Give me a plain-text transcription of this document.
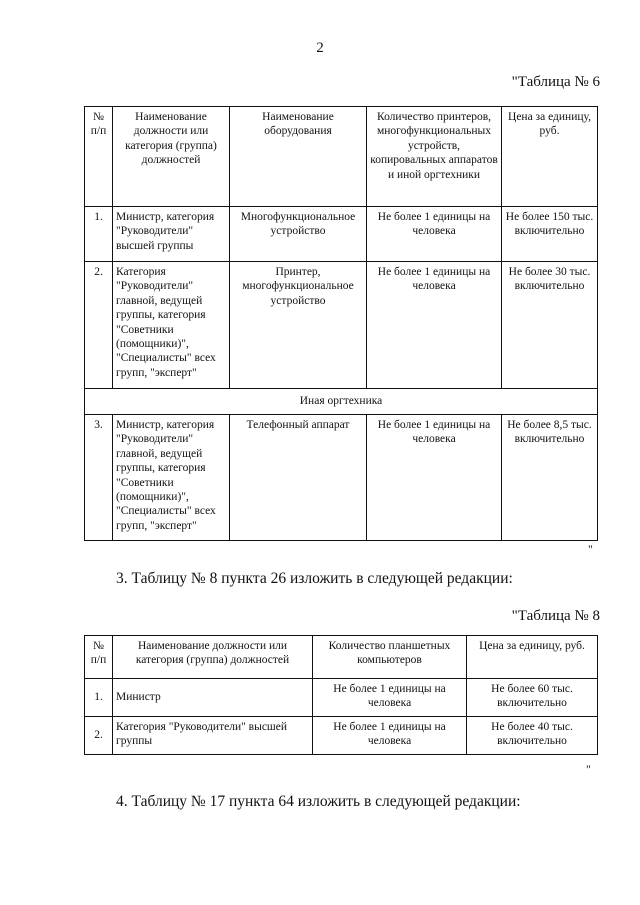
2
"Таблица № 6
№
п/п	Наименование должности или категория (группа) должностей	Наименование оборудования	Количество принтеров, многофункциональных устройств, копировальных аппаратов и иной оргтехники	Цена за единицу, руб.
1.	Министр, категория "Руководители" высшей группы	Многофункциональное устройство	Не более 1 единицы на человека	Не более 150 тыс. включительно
2.	Категория "Руководители" главной, ведущей группы, категория "Советники (помощники)", "Специалисты" всех групп, "эксперт"	Принтер, многофункциональное устройство	Не более 1 единицы на человека	Не более 30 тыс. включительно
Иная оргтехника				
3.	Министр, категория "Руководители" главной, ведущей группы, категория "Советники (помощники)", "Специалисты" всех групп, "эксперт"	Телефонный аппарат	Не более 1 единицы на человека	Не более 8,5 тыс. включительно
"
3. Таблицу № 8 пункта 26 изложить в следующей редакции:
"Таблица № 8
№
п/п	Наименование должности или категория (группа) должностей	Количество планшетных компьютеров	Цена за единицу, руб.
1.	Министр	Не более 1 единицы на человека	Не более 60 тыс. включительно
2.	Категория "Руководители" высшей группы	Не более 1 единицы на человека	Не более 40 тыс. включительно
"
4. Таблицу № 17 пункта 64 изложить в следующей редакции:
